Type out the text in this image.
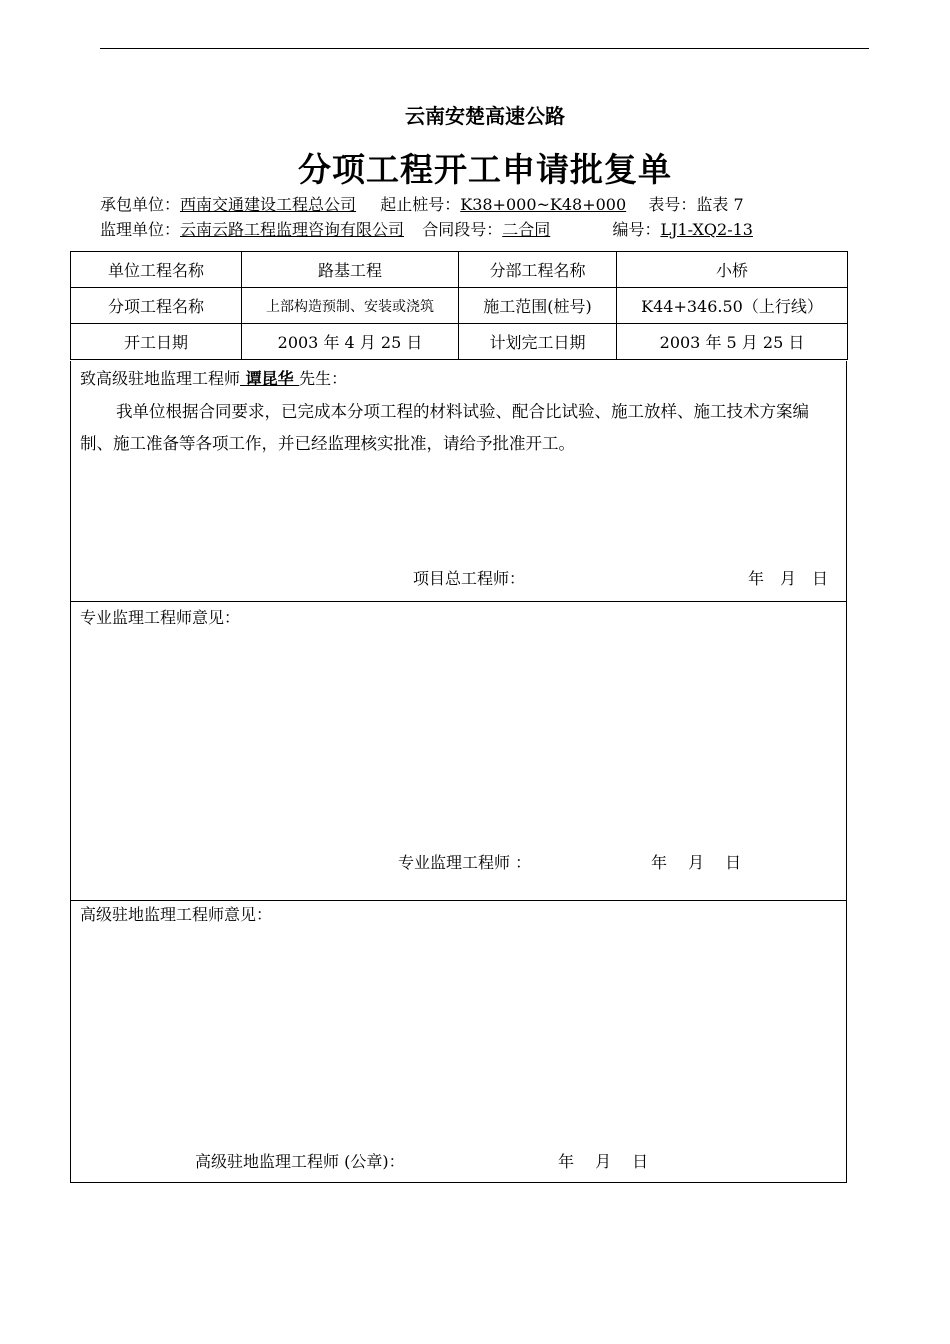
云南安楚高速公路
分项工程开工申请批复单
承包单位：西南交通建设工程总公司 起止桩号：K38+000~K48+000 表号：监表 7
监理单位：云南云路工程监理咨询有限公司 合同段号：二合同	编号：LJ1-XQ2-13
单位工程名称	路基工程	分部工程名称	小桥
分项工程名称	上部构造预制、安装或浇筑	施工范围(桩号)	K44+346.50（上行线）
开工日期	2003 年 4 月 25 日	计划完工日期	2003 年 5 月 25 日
致高级驻地监理工程师 谭昆华 先生：
我单位根据合同要求，已完成本分项工程的材料试验、配合比试验、施工放样、施工技术方案编制、施工准备等各项工作，并已经监理核实批准，请给予批准开工。
项目总工程师：	年　月　日
专业监理工程师意见：
专业监理工程师 ：	年　 月　 日
高级驻地监理工程师意见：
高级驻地监理工程师 (公章)：	年　 月　 日
